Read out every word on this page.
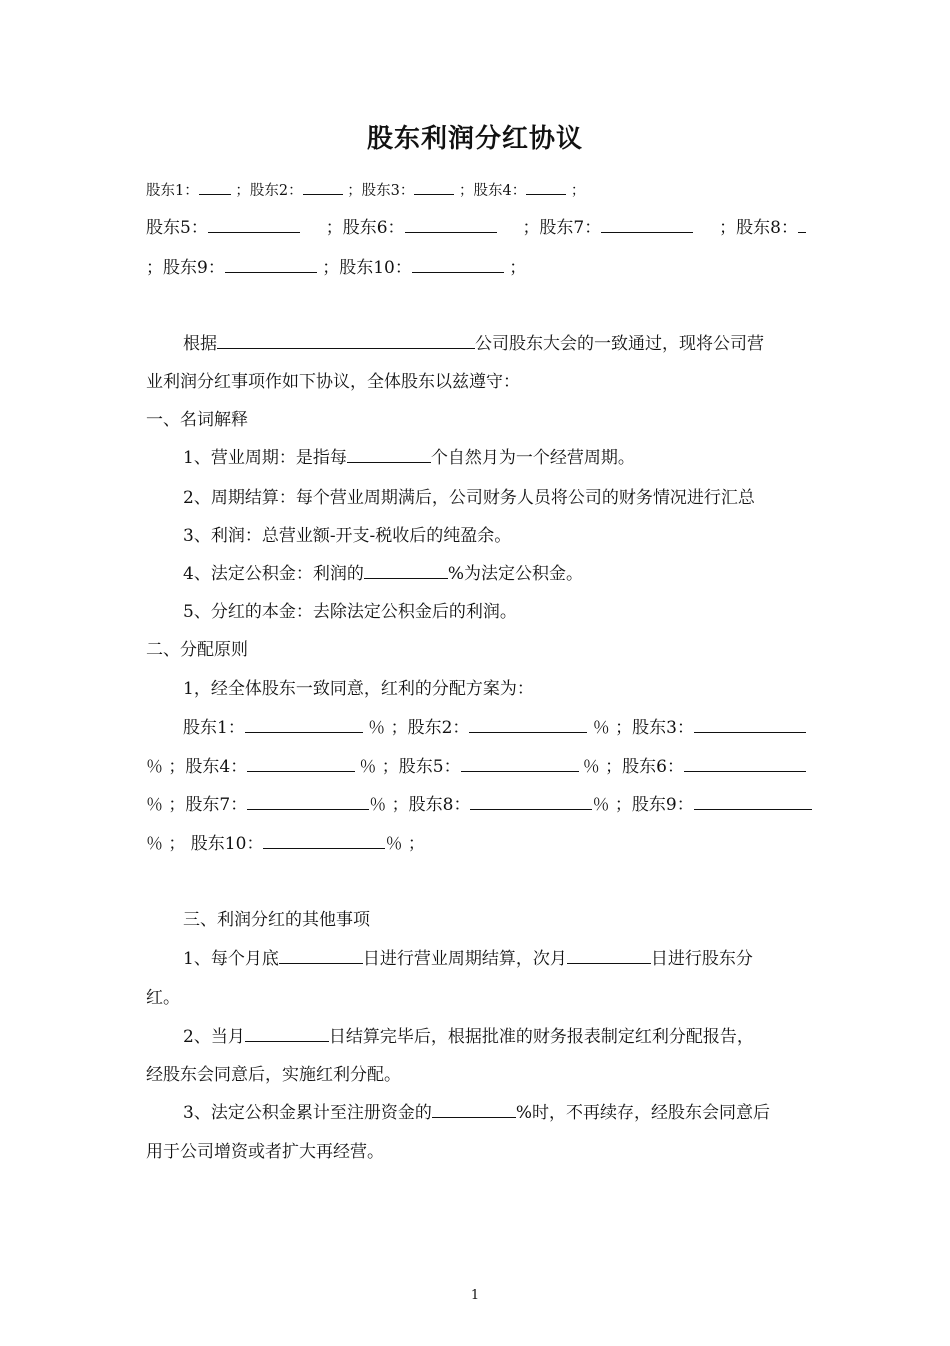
股东利润分红协议
股东1：	；股东2：	；股东3：	；股东4：	；
股东5：	；股东6：	；股东7：	；股东8：
；股东9：	；股东10：	；
根据	公司股东大会的一致通过，现将公司营
业利润分红事项作如下协议，全体股东以兹遵守：
一、名词解释
1、营业周期：是指每	个自然月为一个经营周期。
2、周期结算：每个营业周期满后，公司财务人员将公司的财务情况进行汇总
3、利润：总营业额-开支-税收后的纯盈余。
4、法定公积金：利润的	%为法定公积金。
5、分红的本金：去除法定公积金后的利润。
二、分配原则
1，经全体股东一致同意，红利的分配方案为：
股东1：	％ ；股东2：	％ ；股东3：
％ ；股东4：	％ ；股东5：	％ ；股东6：
％ ；股东7：	％ ；股东8：	％ ；股东9：
％ ； 股东10：	％ ；
三、利润分红的其他事项
1、每个月底	日进行营业周期结算，次月	日进行股东分
红。
2、当月	日结算完毕后，根据批准的财务报表制定红利分配报告，
经股东会同意后，实施红利分配。
3、法定公积金累计至注册资金的	%时，不再续存，经股东会同意后
用于公司增资或者扩大再经营。
1
